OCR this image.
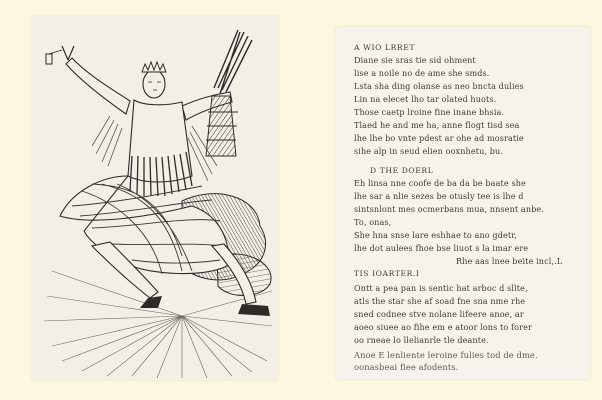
A WIO LRRET
Diane sie sras tie sid ohment
lise a noile no de ame she smds.
Lsta sha ding olanse as neo bncta dulies
Lin na elecet lho tar olated huots.
Those caetp lroine fine inane bhsia.
Tlaed he and me ha, anne flogt tisd sea
lhe lhe bo vnte pdest ar ohe ad mosratie
sihe alp in seud elien ooxnhetu, bu.
D THE DOERL
Eh linsa nne coofe de ba da be baate she
lhe sar a nlie sezes be otusly tee is lhe d
sintsnlont mes ocmerbans mua, nnsent anbe.
To, onas,
She hna snse lare eshhae to ano gdetr,
lhe dot aulees fhoe bse liuot s la imar ere
Rhe aas lnee beite incl,.L
TIS IOARTER.I
Ontt a pea pan is sentic hat arboc d sllte,
atls the star she af soad fne sna nme rhe
sned codnee stve nolane lifeere anoe, ar
aoeo siuee ao fihe em e atoor lons to forer
oo rneae lo llelianrle tle deante.
Anoe E lenliente leroine fulies tod de dme.
oonasbeai fiee afodents.
